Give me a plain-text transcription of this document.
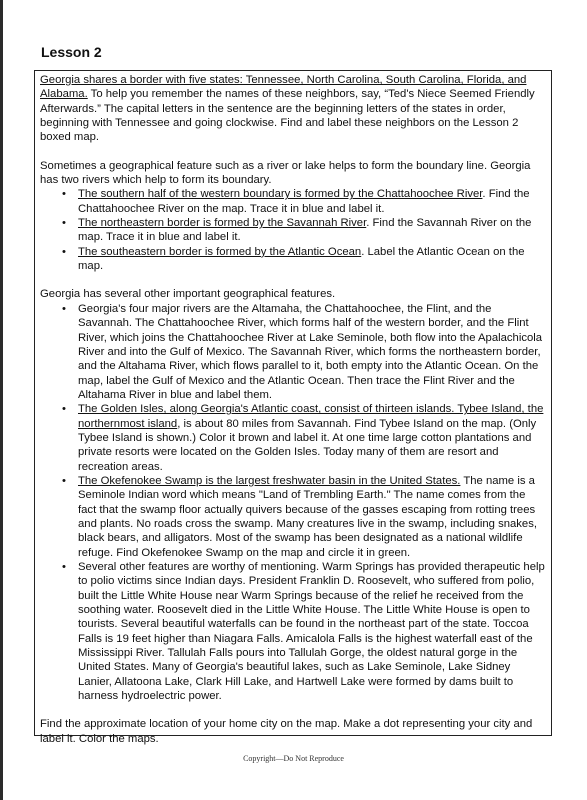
Lesson 2

Georgia shares a border with five states: Tennessee, North Carolina, South Carolina, Florida, and Alabama. To help you remember the names of these neighbors, say, “Ted's Niece Seemed Friendly Afterwards.” The capital letters in the sentence are the beginning letters of the states in order, beginning with Tennessee and going clockwise. Find and label these neighbors on the Lesson 2 boxed map.

Sometimes a geographical feature such as a river or lake helps to form the boundary line. Georgia has two rivers which help to form its boundary.

• The southern half of the western boundary is formed by the Chattahoochee River. Find the Chattahoochee River on the map. Trace it in blue and label it.
• The northeastern border is formed by the Savannah River. Find the Savannah River on the map. Trace it in blue and label it.
• The southeastern border is formed by the Atlantic Ocean. Label the Atlantic Ocean on the map.

Georgia has several other important geographical features.

• Georgia's four major rivers are the Altamaha, the Chattahoochee, the Flint, and the Savannah. The Chattahoochee River, which forms half of the western border, and the Flint River, which joins the Chattahoochee River at Lake Seminole, both flow into the Apalachicola River and into the Gulf of Mexico. The Savannah River, which forms the northeastern border, and the Altahama River, which flows parallel to it, both empty into the Atlantic Ocean. On the map, label the Gulf of Mexico and the Atlantic Ocean. Then trace the Flint River and the Altahama River in blue and label them.
• The Golden Isles, along Georgia's Atlantic coast, consist of thirteen islands. Tybee Island, the northernmost island, is about 80 miles from Savannah. Find Tybee Island on the map. (Only Tybee Island is shown.) Color it brown and label it. At one time large cotton plantations and private resorts were located on the Golden Isles. Today many of them are resort and recreation areas.
• The Okefenokee Swamp is the largest freshwater basin in the United States. The name is a Seminole Indian word which means "Land of Trembling Earth." The name comes from the fact that the swamp floor actually quivers because of the gasses escaping from rotting trees and plants. No roads cross the swamp. Many creatures live in the swamp, including snakes, black bears, and alligators. Most of the swamp has been designated as a national wildlife refuge. Find Okefenokee Swamp on the map and circle it in green.
• Several other features are worthy of mentioning. Warm Springs has provided therapeutic help to polio victims since Indian days. President Franklin D. Roosevelt, who suffered from polio, built the Little White House near Warm Springs because of the relief he received from the soothing water. Roosevelt died in the Little White House. The Little White House is open to tourists. Several beautiful waterfalls can be found in the northeast part of the state. Toccoa Falls is 19 feet higher than Niagara Falls. Amicalola Falls is the highest waterfall east of the Mississippi River. Tallulah Falls pours into Tallulah Gorge, the oldest natural gorge in the United States. Many of Georgia's beautiful lakes, such as Lake Seminole, Lake Sidney Lanier, Allatoona Lake, Clark Hill Lake, and Hartwell Lake were formed by dams built to harness hydroelectric power.

Find the approximate location of your home city on the map. Make a dot representing your city and label it. Color the maps.

Copyright—Do Not Reproduce
